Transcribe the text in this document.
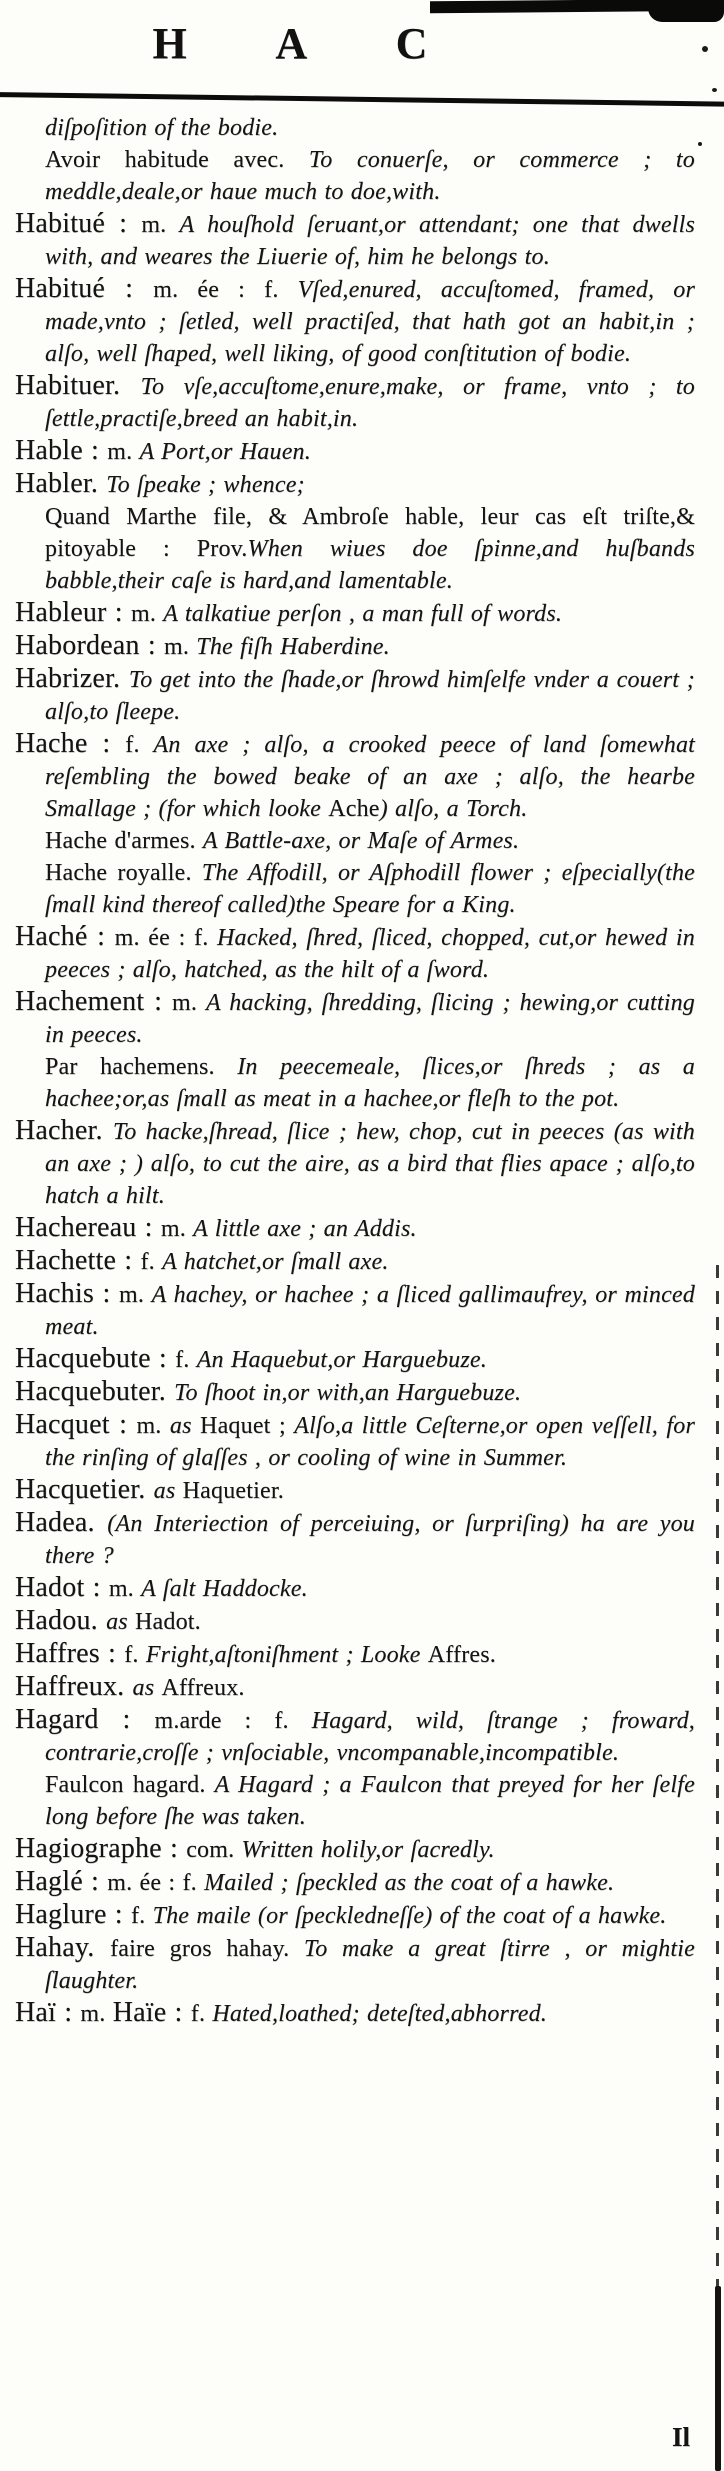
H A C

diſpoſition of the bodie.

Avoir habitude avec. To conuerſe, or commerce ; to meddle,deale,or haue much to doe,with.

Habitué : m. A houſhold ſeruant,or attendant; one that dwells with, and weares the Liuerie of, him he belongs to.

Habitué : m. ée : f. Vſed,enured, accuſtomed, framed, or made,vnto ; ſetled, well practiſed, that hath got an habit,in ; alſo, well ſhaped, well liking, of good conſtitution of bodie.

Habituer. To vſe,accuſtome,enure,make, or frame, vnto ; to ſettle,practiſe,breed an habit,in.

Hable : m. A Port,or Hauen.

Habler. To ſpeake ; whence;

Quand Marthe file, & Ambroſe hable, leur cas eſt triſte,& pitoyable : Prov.When wiues doe ſpinne,and huſbands babble,their caſe is hard,and lamentable.

Hableur : m. A talkatiue perſon , a man full of words.

Habordean : m. The fiſh Haberdine.

Habrizer. To get into the ſhade,or ſhrowd himſelfe vnder a couert ; alſo,to ſleepe.

Hache : f. An axe ; alſo, a crooked peece of land ſomewhat reſembling the bowed beake of an axe ; alſo, the hearbe Smallage ; (for which looke Ache) alſo, a Torch.

Hache d'armes. A Battle-axe, or Maſe of Armes.

Hache royalle. The Affodill, or Aſphodill flower ; eſpecially(the ſmall kind thereof called)the Speare for a King.

Haché : m. ée : f. Hacked, ſhred, ſliced, chopped, cut,or hewed in peeces ; alſo, hatched, as the hilt of a ſword.

Hachement : m. A hacking, ſhredding, ſlicing ; hewing,or cutting in peeces.

Par hachemens. In peecemeale, ſlices,or ſhreds ; as a hachee;or,as ſmall as meat in a hachee,or fleſh to the pot.

Hacher. To hacke,ſhread, ſlice ; hew, chop, cut in peeces (as with an axe ; ) alſo, to cut the aire, as a bird that flies apace ; alſo,to hatch a hilt.

Hachereau : m. A little axe ; an Addis.

Hachette : f. A hatchet,or ſmall axe.

Hachis : m. A hachey, or hachee ; a ſliced gallimaufrey, or minced meat.

Hacquebute : f. An Haquebut,or Harguebuze.

Hacquebuter. To ſhoot in,or with,an Harguebuze.

Hacquet : m. as Haquet ; Alſo,a little Ceſterne,or open veſſell, for the rinſing of glaſſes , or cooling of wine in Summer.

Hacquetier. as Haquetier.

Hadea. (An Interiection of perceiuing, or ſurpriſing) ha are you there ?

Hadot : m. A ſalt Haddocke.

Hadou. as Hadot.

Haffres : f. Fright,aſtoniſhment ; Looke Affres.

Haffreux. as Affreux.

Hagard : m.arde : f. Hagard, wild, ſtrange ; froward, contrarie,croſſe ; vnſociable, vncompanable,incompatible.

Faulcon hagard. A Hagard ; a Faulcon that preyed for her ſelfe long before ſhe was taken.

Hagiographe : com. Written holily,or ſacredly.

Haglé : m. ée : f. Mailed ; ſpeckled as the coat of a hawke.

Haglure : f. The maile (or ſpeckledneſſe) of the coat of a hawke.

Hahay. faire gros hahay. To make a great ſtirre , or mightie ſlaughter.

Haï : m. Haïe : f. Hated,loathed; deteſted,abhorred.

Il
